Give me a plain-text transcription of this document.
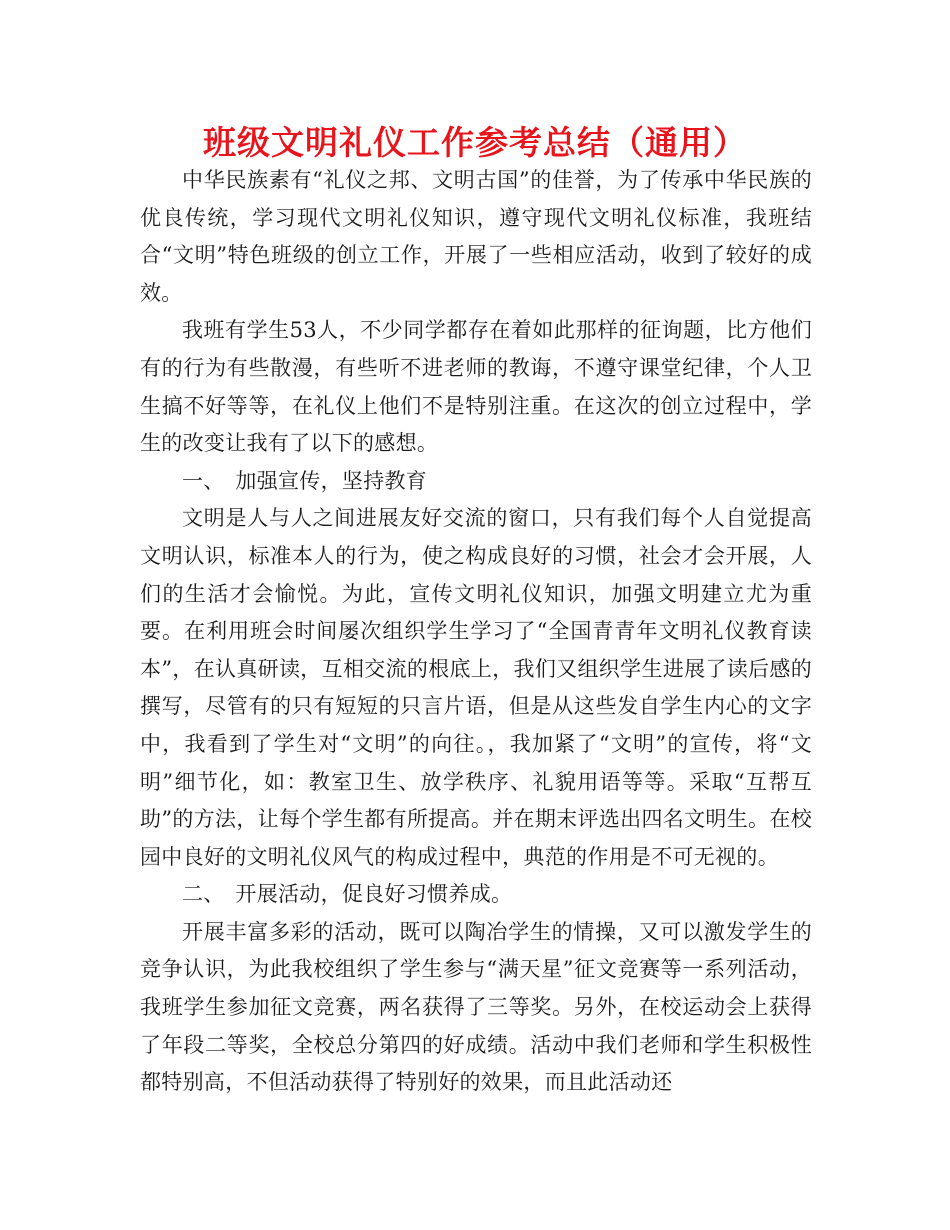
班级文明礼仪工作参考总结（通用）

中华民族素有“礼仪之邦、文明古国”的佳誉，为了传承中华民族的优良传统，学习现代文明礼仪知识，遵守现代文明礼仪标准，我班结合“文明”特色班级的创立工作，开展了一些相应活动，收到了较好的成效。

我班有学生53人，不少同学都存在着如此那样的征询题，比方他们有的行为有些散漫，有些听不进老师的教诲，不遵守课堂纪律，个人卫生搞不好等等，在礼仪上他们不是特别注重。在这次的创立过程中，学生的改变让我有了以下的感想。

一、　加强宣传，坚持教育

文明是人与人之间进展友好交流的窗口，只有我们每个人自觉提高文明认识，标准本人的行为，使之构成良好的习惯，社会才会开展，人们的生活才会愉悦。为此，宣传文明礼仪知识，加强文明建立尤为重要。在利用班会时间屡次组织学生学习了“全国青青年文明礼仪教育读本”，在认真研读，互相交流的根底上，我们又组织学生进展了读后感的撰写，尽管有的只有短短的只言片语，但是从这些发自学生内心的文字中，我看到了学生对“文明”的向往。，我加紧了“文明”的宣传，将“文明”细节化，如：教室卫生、放学秩序、礼貌用语等等。采取“互帮互助”的方法，让每个学生都有所提高。并在期末评选出四名文明生。在校园中良好的文明礼仪风气的构成过程中，典范的作用是不可无视的。

二、　开展活动，促良好习惯养成。

开展丰富多彩的活动，既可以陶冶学生的情操，又可以激发学生的竞争认识，为此我校组织了学生参与“满天星”征文竞赛等一系列活动，我班学生参加征文竞赛，两名获得了三等奖。另外，在校运动会上获得了年段二等奖，全校总分第四的好成绩。活动中我们老师和学生积极性都特别高，不但活动获得了特别好的效果，而且此活动还
